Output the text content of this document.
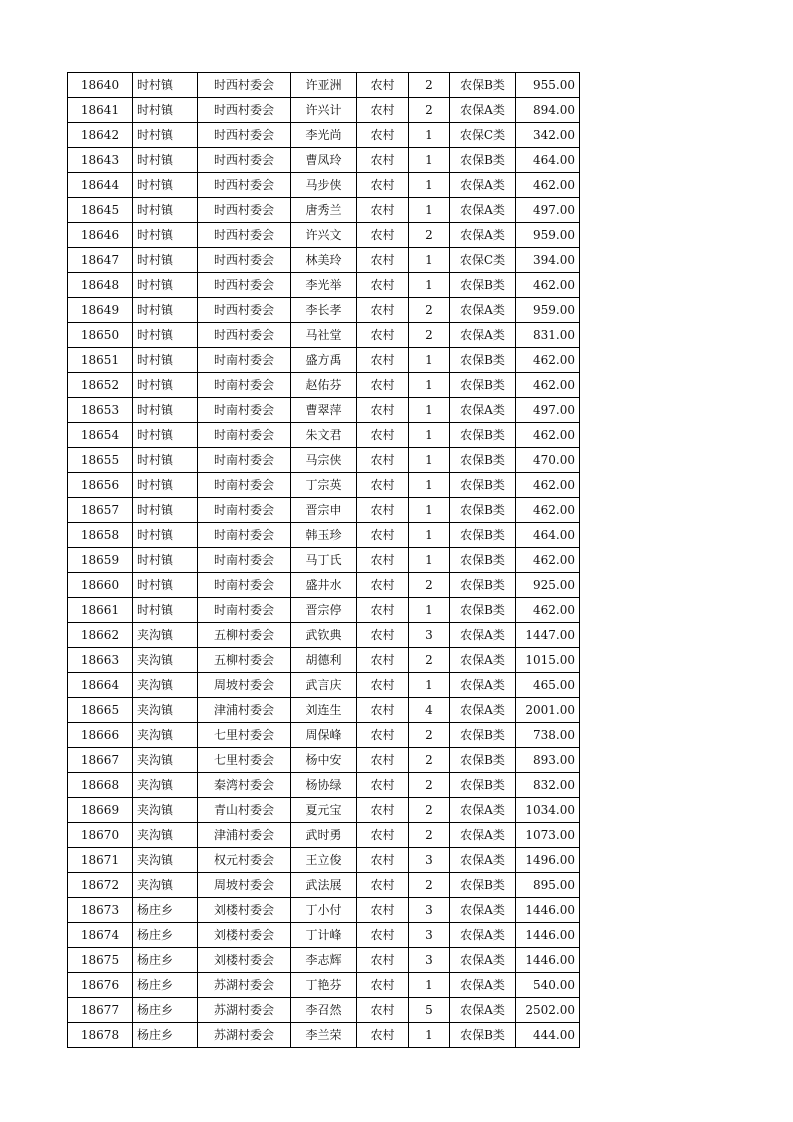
18640	时村镇	时西村委会	许亚洲	农村	2	农保B类	955.00
18641	时村镇	时西村委会	许兴计	农村	2	农保A类	894.00
18642	时村镇	时西村委会	李光尚	农村	1	农保C类	342.00
18643	时村镇	时西村委会	曹凤玲	农村	1	农保B类	464.00
18644	时村镇	时西村委会	马步侠	农村	1	农保A类	462.00
18645	时村镇	时西村委会	唐秀兰	农村	1	农保A类	497.00
18646	时村镇	时西村委会	许兴文	农村	2	农保A类	959.00
18647	时村镇	时西村委会	林美玲	农村	1	农保C类	394.00
18648	时村镇	时西村委会	李光举	农村	1	农保B类	462.00
18649	时村镇	时西村委会	李长孝	农村	2	农保A类	959.00
18650	时村镇	时西村委会	马社堂	农村	2	农保A类	831.00
18651	时村镇	时南村委会	盛方禹	农村	1	农保B类	462.00
18652	时村镇	时南村委会	赵佑芬	农村	1	农保B类	462.00
18653	时村镇	时南村委会	曹翠萍	农村	1	农保A类	497.00
18654	时村镇	时南村委会	朱文君	农村	1	农保B类	462.00
18655	时村镇	时南村委会	马宗侠	农村	1	农保B类	470.00
18656	时村镇	时南村委会	丁宗英	农村	1	农保B类	462.00
18657	时村镇	时南村委会	晋宗申	农村	1	农保B类	462.00
18658	时村镇	时南村委会	韩玉珍	农村	1	农保B类	464.00
18659	时村镇	时南村委会	马丁氏	农村	1	农保B类	462.00
18660	时村镇	时南村委会	盛井水	农村	2	农保B类	925.00
18661	时村镇	时南村委会	晋宗停	农村	1	农保B类	462.00
18662	夹沟镇	五柳村委会	武钦典	农村	3	农保A类	1447.00
18663	夹沟镇	五柳村委会	胡德利	农村	2	农保A类	1015.00
18664	夹沟镇	周坡村委会	武言庆	农村	1	农保A类	465.00
18665	夹沟镇	津浦村委会	刘连生	农村	4	农保A类	2001.00
18666	夹沟镇	七里村委会	周保峰	农村	2	农保B类	738.00
18667	夹沟镇	七里村委会	杨中安	农村	2	农保B类	893.00
18668	夹沟镇	秦湾村委会	杨协绿	农村	2	农保B类	832.00
18669	夹沟镇	青山村委会	夏元宝	农村	2	农保A类	1034.00
18670	夹沟镇	津浦村委会	武时勇	农村	2	农保A类	1073.00
18671	夹沟镇	权元村委会	王立俊	农村	3	农保A类	1496.00
18672	夹沟镇	周坡村委会	武法展	农村	2	农保B类	895.00
18673	杨庄乡	刘楼村委会	丁小付	农村	3	农保A类	1446.00
18674	杨庄乡	刘楼村委会	丁计峰	农村	3	农保A类	1446.00
18675	杨庄乡	刘楼村委会	李志辉	农村	3	农保A类	1446.00
18676	杨庄乡	苏湖村委会	丁艳芬	农村	1	农保A类	540.00
18677	杨庄乡	苏湖村委会	李召然	农村	5	农保A类	2502.00
18678	杨庄乡	苏湖村委会	李兰荣	农村	1	农保B类	444.00
